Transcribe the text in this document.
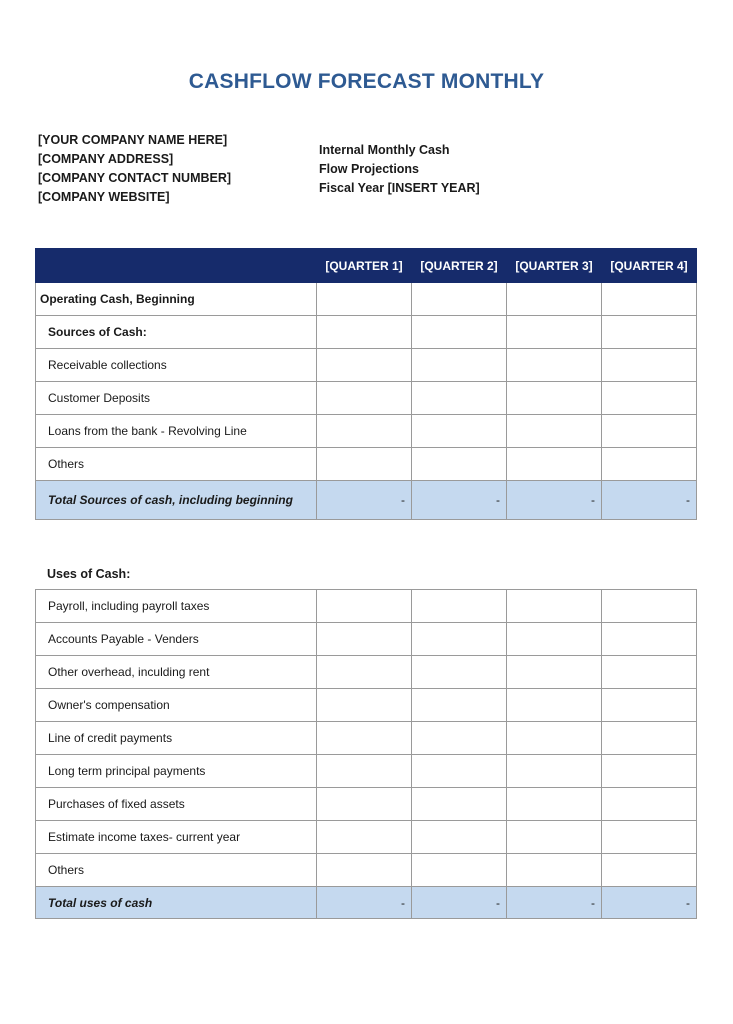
CASHFLOW FORECAST MONTHLY
[YOUR COMPANY NAME HERE]
[COMPANY ADDRESS]
[COMPANY CONTACT NUMBER]
[COMPANY WEBSITE]
Internal Monthly Cash
Flow Projections
Fiscal Year [INSERT YEAR]
	[QUARTER 1]	[QUARTER 2]	[QUARTER 3]	[QUARTER 4]
Operating Cash, Beginning				
Sources of Cash:				
Receivable collections				
Customer Deposits				
Loans from the bank - Revolving Line				
Others				
Total Sources of cash, including beginning	-	-	-	-
Uses of Cash:
Payroll, including payroll taxes				
Accounts Payable - Venders				
Other overhead, inculding rent				
Owner's compensation				
Line of credit payments				
Long term principal payments				
Purchases of fixed assets				
Estimate income taxes- current year				
Others				
Total uses of cash	-	-	-	-
